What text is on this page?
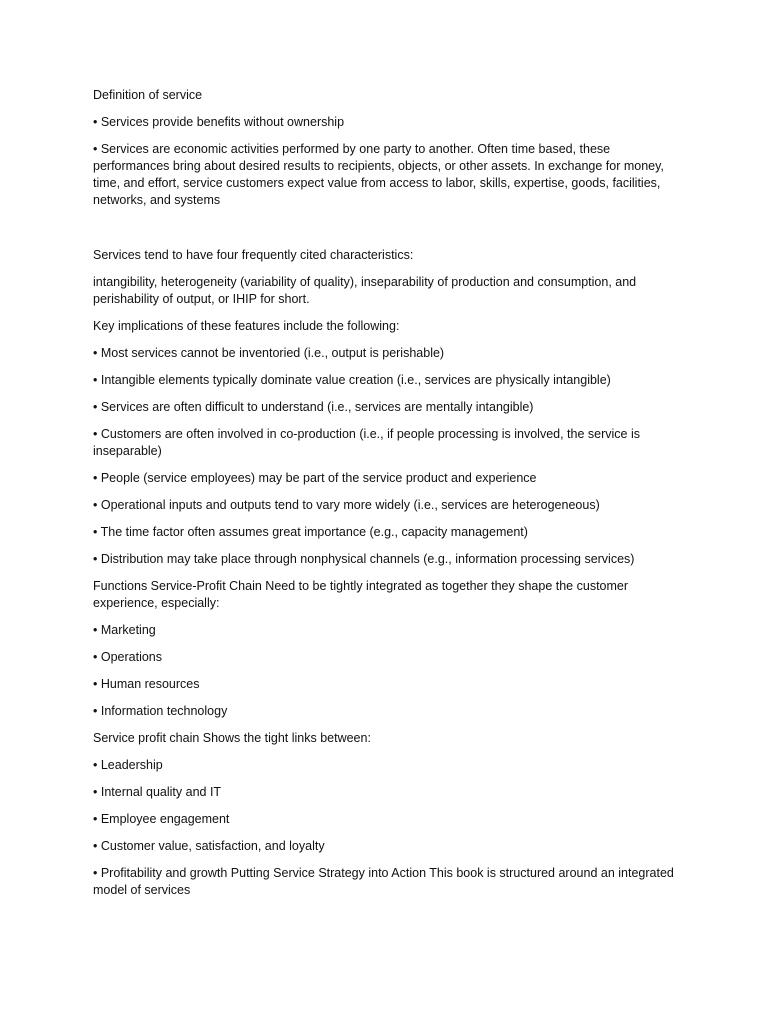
Definition of service

• Services provide benefits without ownership

• Services are economic activities performed by one party to another. Often time based, these performances bring about desired results to recipients, objects, or other assets. In exchange for money, time, and effort, service customers expect value from access to labor, skills, expertise, goods, facilities, networks, and systems

Services tend to have four frequently cited characteristics:

intangibility, heterogeneity (variability of quality), inseparability of production and consumption, and perishability of output, or IHIP for short.

Key implications of these features include the following:

• Most services cannot be inventoried (i.e., output is perishable)

• Intangible elements typically dominate value creation (i.e., services are physically intangible)

• Services are often difficult to understand (i.e., services are mentally intangible)

• Customers are often involved in co-production (i.e., if people processing is involved, the service is inseparable)

• People (service employees) may be part of the service product and experience

• Operational inputs and outputs tend to vary more widely (i.e., services are heterogeneous)

• The time factor often assumes great importance (e.g., capacity management)

• Distribution may take place through nonphysical channels (e.g., information processing services)

Functions Service-Profit Chain Need to be tightly integrated as together they shape the customer experience, especially:

• Marketing

• Operations

• Human resources

• Information technology

Service profit chain Shows the tight links between:

• Leadership

• Internal quality and IT

• Employee engagement

• Customer value, satisfaction, and loyalty

• Profitability and growth Putting Service Strategy into Action This book is structured around an integrated model of services
